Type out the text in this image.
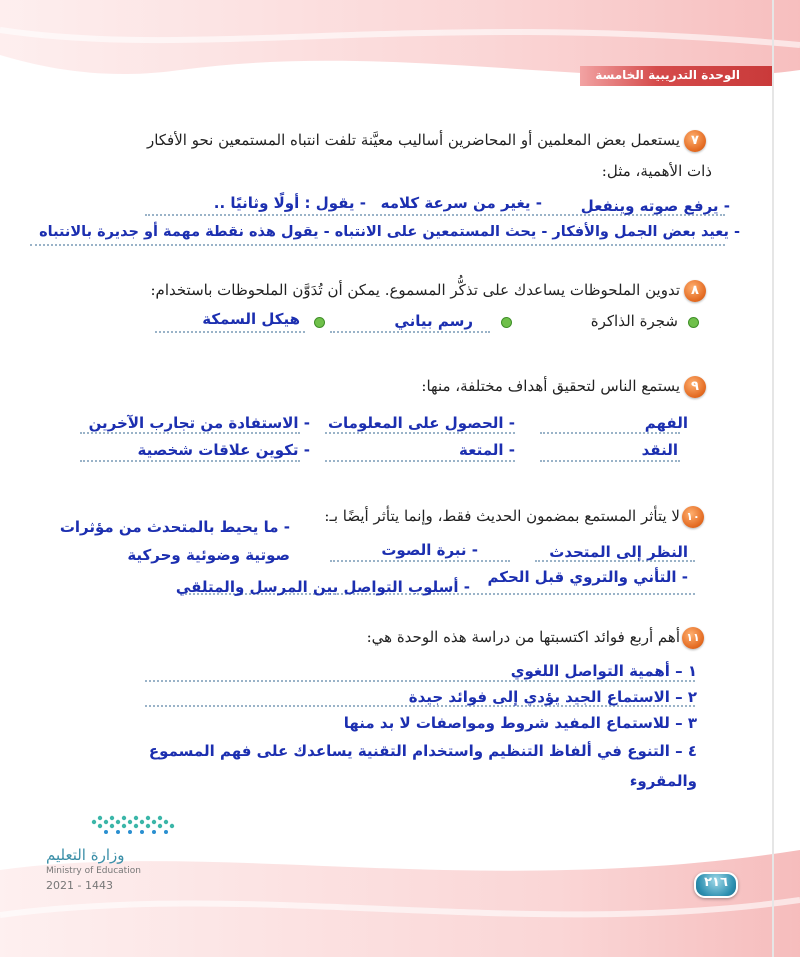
الوحدة التدريبية الخامسة
٧
يستعمل بعض المعلمين أو المحاضرين أساليب معيَّنة تلفت انتباه المستمعين نحو الأفكار
ذات الأهمية، مثل:
- يرفع صوته وينفعل
- يغير من سرعة كلامه
- يقول : أولًا وثانيًا ..
- يعيد بعض الجمل والأفكار - يحث المستمعين على الانتباه - يقول هذه نقطة مهمة أو جديرة بالانتباه
٨
تدوين الملحوظات يساعدك على تذكُّر المسموع. يمكن أن تُدَوَّن الملحوظات باستخدام:
شجرة الذاكرة
رسم بياني
هيكل السمكة
٩
يستمع الناس لتحقيق أهداف مختلفة، منها:
الفهم
- الحصول على المعلومات
- الاستفادة من تجارب الآخرين
النقد
- المتعة
- تكوين علاقات شخصية
١٠
لا يتأثر المستمع بمضمون الحديث فقط، وإنما يتأثر أيضًا بـ:
- ما يحيط بالمتحدث من مؤثرات
النظر إلى المتحدث
- نبرة الصوت
صوتية وضوئية وحركية
- التأني والتروي قبل الحكم
- أسلوب التواصل بين المرسل والمتلقي
١١
أهم أربع فوائد اكتسبتها من دراسة هذه الوحدة هي:
١ – أهمية التواصل اللغوي
٢ – الاستماع الجيد يؤدي إلى فوائد جيدة
٣ – للاستماع المفيد شروط ومواصفات لا بد منها
٤ – التنوع في ألفاظ التنظيم واستخدام التقنية يساعدك على فهم المسموع
والمقروء
وزارة التعليم
Ministry of Education
2021 - 1443	٢١٦
